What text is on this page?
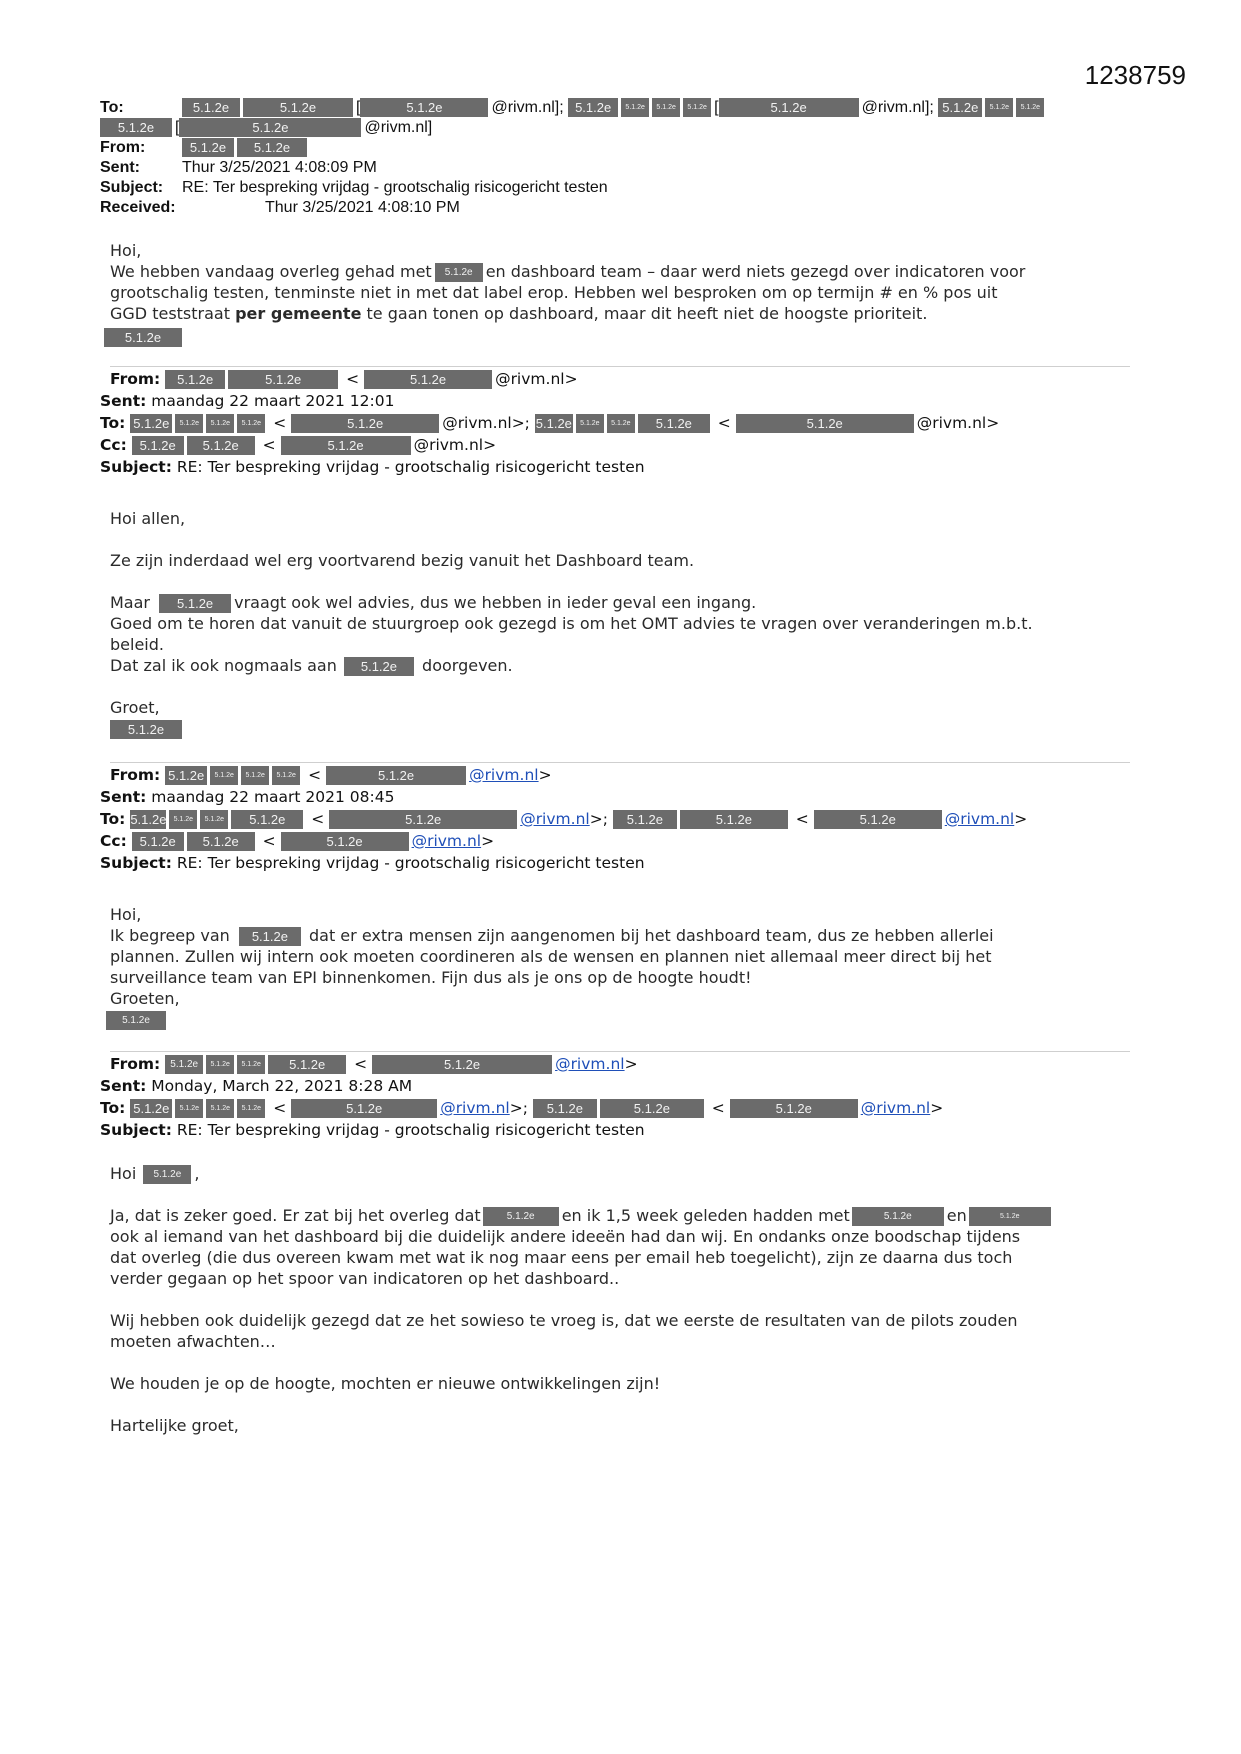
1238759
To:	5.1.2e	5.1.2e [	5.1.2e	@rivm.nl]; 5.1.2e 5.1.2e 5.1.2e 5.1.2e [	5.1.2e	@rivm.nl]; 5.1.2e 5.1.2e 5.1.2e
5.1.2e [	5.1.2e	@rivm.nl]
From:	5.1.2e 5.1.2e
Sent:	Thur 3/25/2021 4:08:09 PM
Subject: RE: Ter bespreking vrijdag - grootschalig risicogericht testen
Received:	Thur 3/25/2021 4:08:10 PM

Hoi,

We hebben vandaag overleg gehad met 5.1.2e en dashboard team – daar werd niets gezegd over indicatoren voor

grootschalig testen, tenminste niet in met dat label erop. Hebben wel besproken om op termijn # en % pos uit

GGD teststraat per gemeente te gaan tonen op dashboard, maar dit heeft niet de hoogste prioriteit.

5.1.2e

From: 5.1.2e	5.1.2e	<	5.1.2e	@rivm.nl>
Sent: maandag 22 maart 2021 12:01
To: 5.1.2e 5.1.2e 5.1.2e 5.1.2e <	5.1.2e	@rivm.nl>; 5.1.2e 5.1.2e 5.1.2e 5.1.2e <	5.1.2e	@rivm.nl>
Cc: 5.1.2e 5.1.2e <	5.1.2e	@rivm.nl>
Subject: RE: Ter bespreking vrijdag - grootschalig risicogericht testen

Hoi allen,

Ze zijn inderdaad wel erg voortvarend bezig vanuit het Dashboard team.

Maar 5.1.2e vraagt ook wel advies, dus we hebben in ieder geval een ingang.

Goed om te horen dat vanuit de stuurgroep ook gezegd is om het OMT advies te vragen over veranderingen m.b.t.

beleid.

Dat zal ik ook nogmaals aan 5.1.2e doorgeven.

Groet,

5.1.2e

From: 5.1.2e 5.1.2e 5.1.2e 5.1.2e <	5.1.2e	@rivm.nl>
Sent: maandag 22 maart 2021 08:45
To: 5.1.2e 5.1.2e 5.1.2e 5.1.2e <	5.1.2e	@rivm.nl>; 5.1.2e	5.1.2e	<	5.1.2e	@rivm.nl>
Cc: 5.1.2e 5.1.2e <	5.1.2e	@rivm.nl>
Subject: RE: Ter bespreking vrijdag - grootschalig risicogericht testen

Hoi,

Ik begreep van 5.1.2e dat er extra mensen zijn aangenomen bij het dashboard team, dus ze hebben allerlei

plannen. Zullen wij intern ook moeten coordineren als de wensen en plannen niet allemaal meer direct bij het

surveillance team van EPI binnenkomen. Fijn dus als je ons op de hoogte houdt!

Groeten,

5.1.2e

From: 5.1.2e 5.1.2e 5.1.2e 5.1.2e <	5.1.2e	@rivm.nl>
Sent: Monday, March 22, 2021 8:28 AM
To: 5.1.2e 5.1.2e 5.1.2e 5.1.2e <	5.1.2e	@rivm.nl>; 5.1.2e	5.1.2e	<	5.1.2e	@rivm.nl>
Subject: RE: Ter bespreking vrijdag - grootschalig risicogericht testen

Hoi 5.1.2e ,

Ja, dat is zeker goed. Er zat bij het overleg dat	5.1.2e en ik 1,5 week geleden hadden met	5.1.2e en	5.1.2e

ook al iemand van het dashboard bij die duidelijk andere ideeën had dan wij. En ondanks onze boodschap tijdens

dat overleg (die dus overeen kwam met wat ik nog maar eens per email heb toegelicht), zijn ze daarna dus toch

verder gegaan op het spoor van indicatoren op het dashboard..

Wij hebben ook duidelijk gezegd dat ze het sowieso te vroeg is, dat we eerste de resultaten van de pilots zouden

moeten afwachten…

We houden je op de hoogte, mochten er nieuwe ontwikkelingen zijn!

Hartelijke groet,
